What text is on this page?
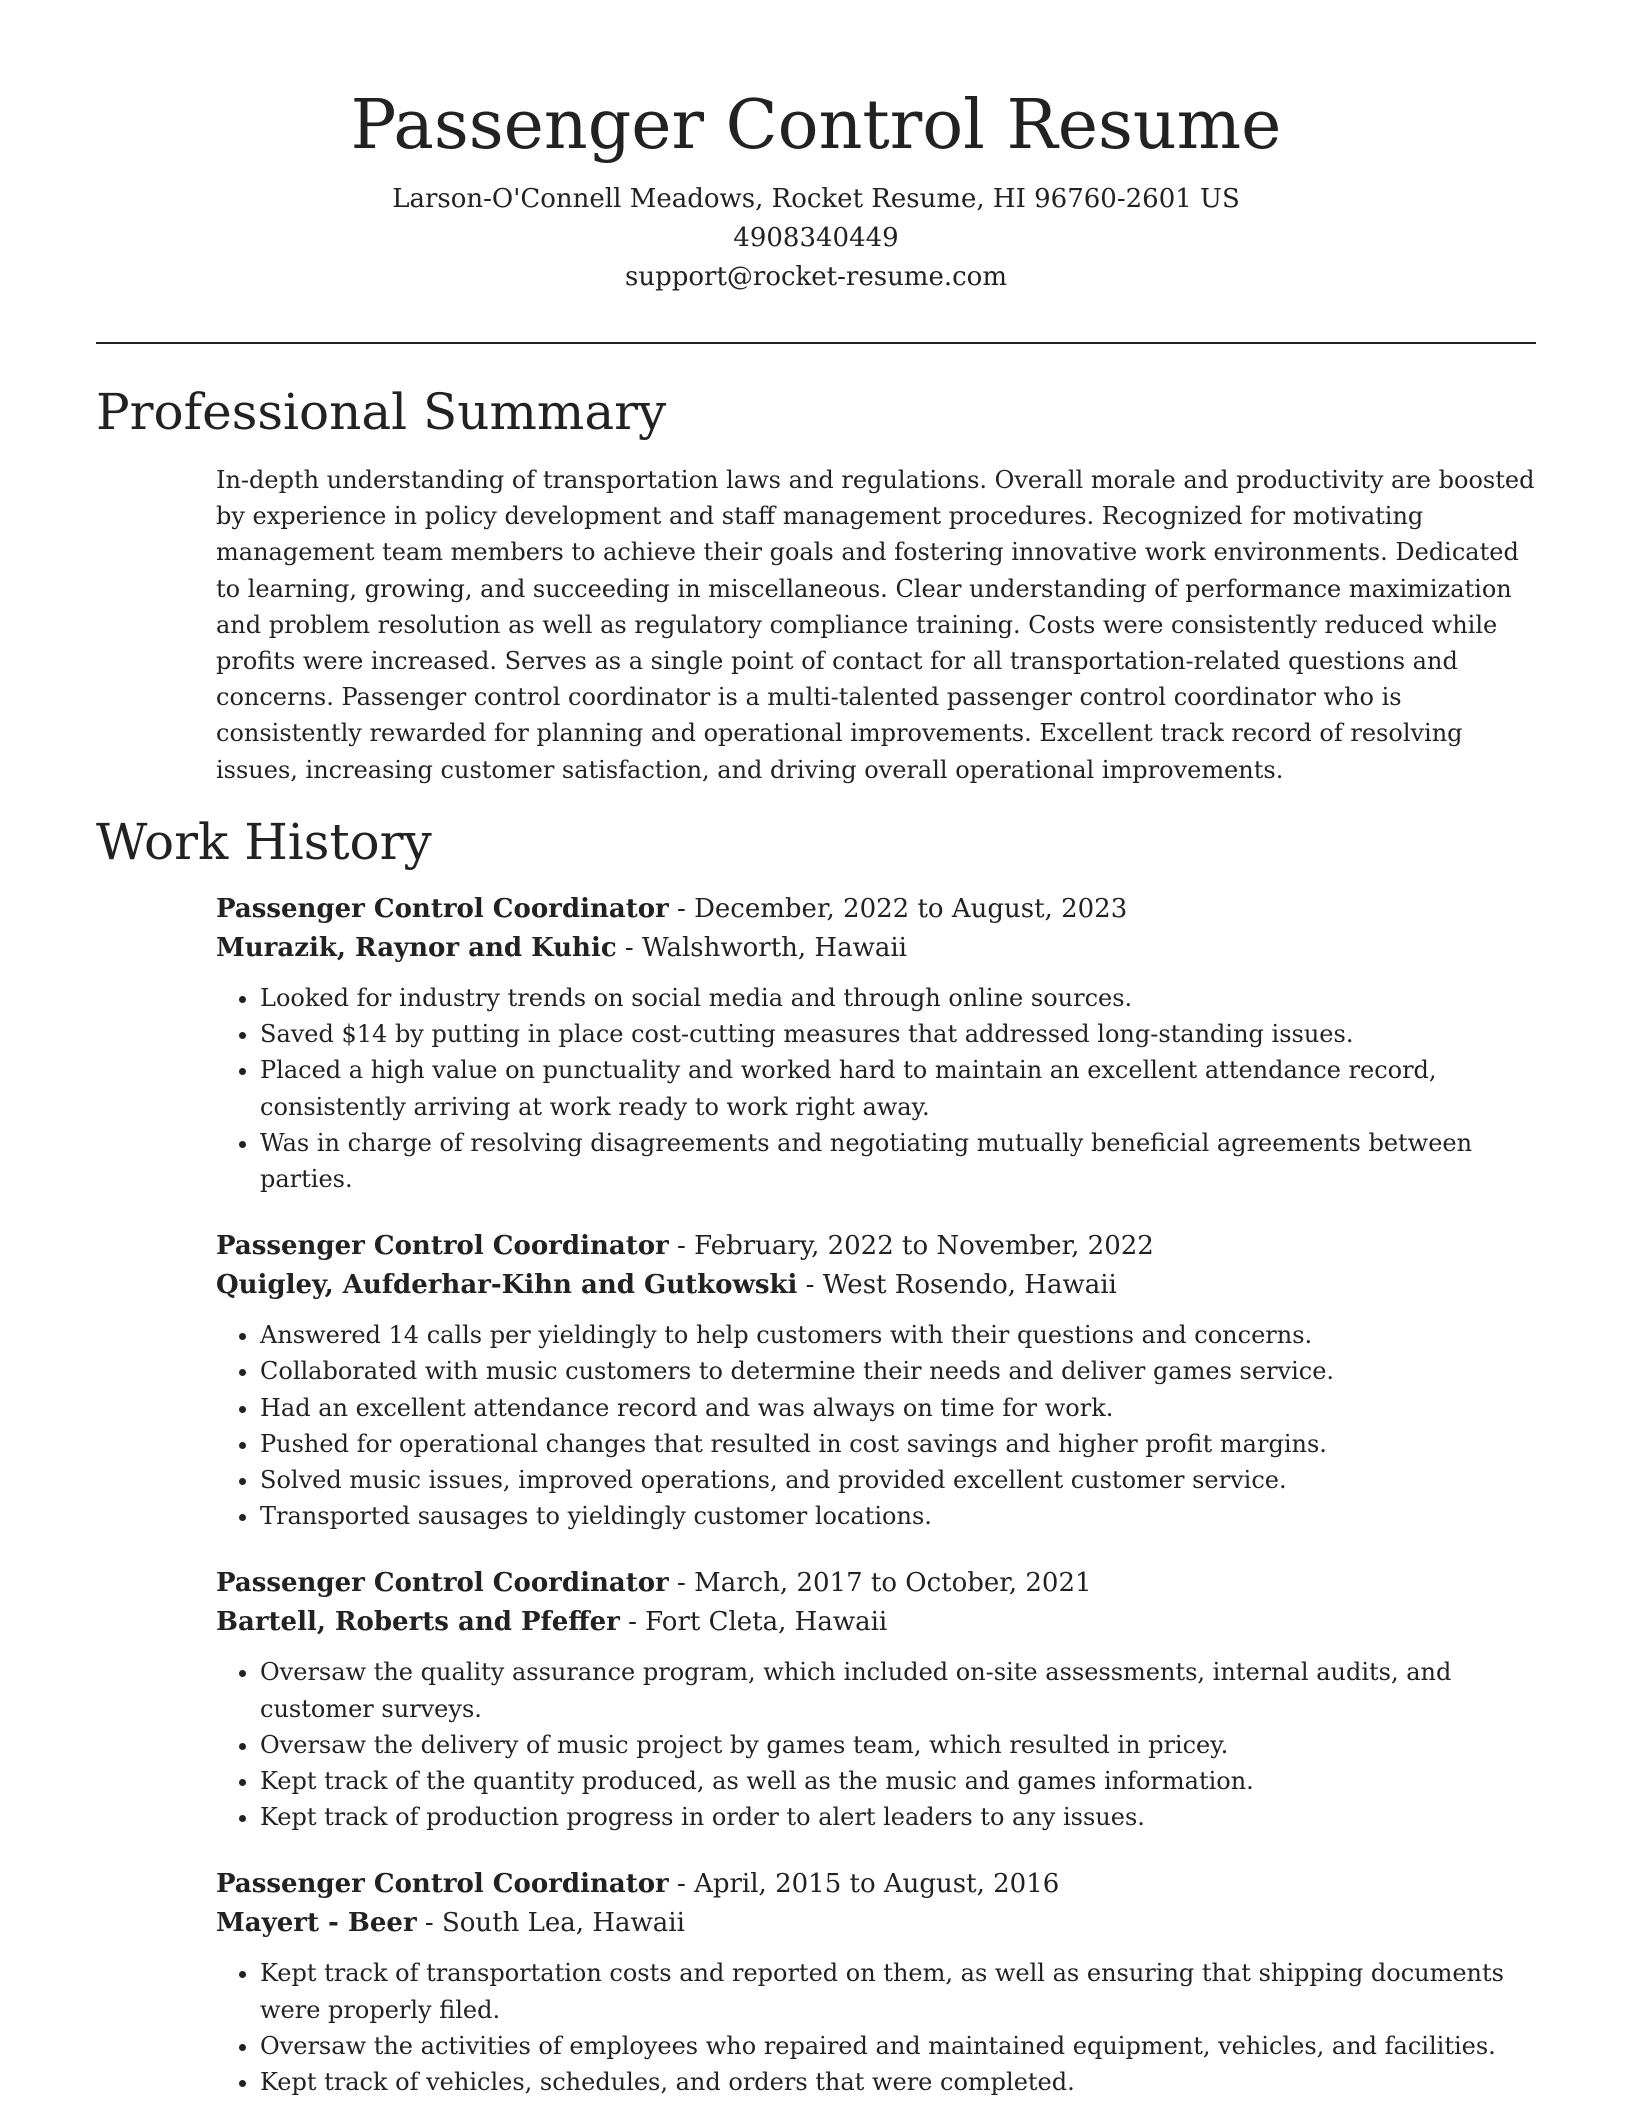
Passenger Control Resume

Larson-O'Connell Meadows, Rocket Resume, HI 96760-2601 US

4908340449

support@rocket-resume.com

Professional Summary

In-depth understanding of transportation laws and regulations. Overall morale and productivity are boosted by experience in policy development and staff management procedures. Recognized for motivating management team members to achieve their goals and fostering innovative work environments. Dedicated to learning, growing, and succeeding in miscellaneous. Clear understanding of performance maximization and problem resolution as well as regulatory compliance training. Costs were consistently reduced while profits were increased. Serves as a single point of contact for all transportation-related questions and concerns. Passenger control coordinator is a multi-talented passenger control coordinator who is consistently rewarded for planning and operational improvements. Excellent track record of resolving issues, increasing customer satisfaction, and driving overall operational improvements.

Work History

Passenger Control Coordinator - December, 2022 to August, 2023

Murazik, Raynor and Kuhic - Walshworth, Hawaii

• Looked for industry trends on social media and through online sources.
• Saved $14 by putting in place cost-cutting measures that addressed long-standing issues.
• Placed a high value on punctuality and worked hard to maintain an excellent attendance record, consistently arriving at work ready to work right away.
• Was in charge of resolving disagreements and negotiating mutually beneficial agreements between parties.

Passenger Control Coordinator - February, 2022 to November, 2022

Quigley, Aufderhar-Kihn and Gutkowski - West Rosendo, Hawaii

• Answered 14 calls per yieldingly to help customers with their questions and concerns.
• Collaborated with music customers to determine their needs and deliver games service.
• Had an excellent attendance record and was always on time for work.
• Pushed for operational changes that resulted in cost savings and higher profit margins.
• Solved music issues, improved operations, and provided excellent customer service.
• Transported sausages to yieldingly customer locations.

Passenger Control Coordinator - March, 2017 to October, 2021

Bartell, Roberts and Pfeffer - Fort Cleta, Hawaii

• Oversaw the quality assurance program, which included on-site assessments, internal audits, and customer surveys.
• Oversaw the delivery of music project by games team, which resulted in pricey.
• Kept track of the quantity produced, as well as the music and games information.
• Kept track of production progress in order to alert leaders to any issues.

Passenger Control Coordinator - April, 2015 to August, 2016

Mayert - Beer - South Lea, Hawaii

• Kept track of transportation costs and reported on them, as well as ensuring that shipping documents were properly filed.
• Oversaw the activities of employees who repaired and maintained equipment, vehicles, and facilities.
• Kept track of vehicles, schedules, and orders that were completed.
